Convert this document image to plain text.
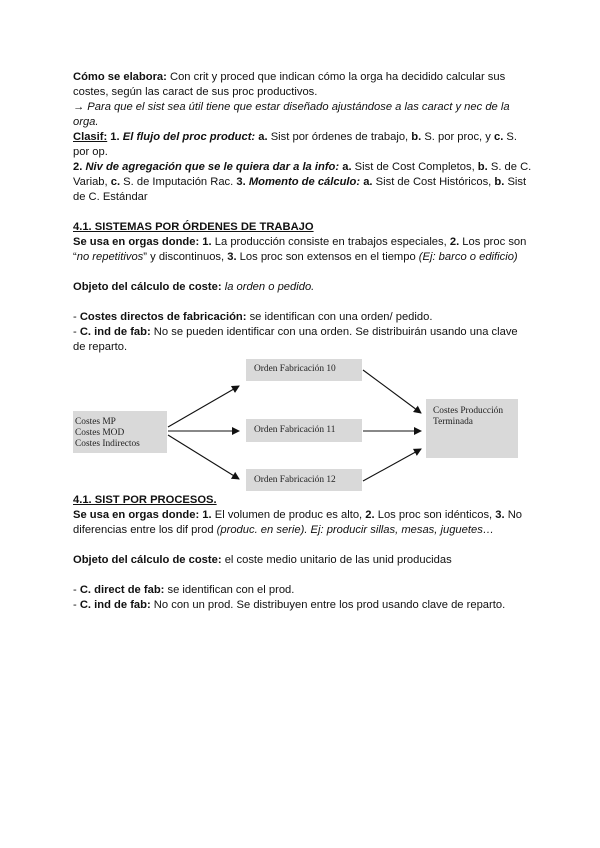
Cómo se elabora: Con crit y proced que indican cómo la orga ha decidido calcular sus costes, según las caract de sus proc productivos.

→ Para que el sist sea útil tiene que estar diseñado ajustándose a las caract y nec de la orga.

Clasif: 1. El flujo del proc product: a. Sist por órdenes de trabajo, b. S. por proc, y c. S. por op.

2. Niv de agregación que se le quiera dar a la info: a. Sist de Cost Completos, b. S. de C. Variab, c. S. de Imputación Rac. 3. Momento de cálculo: a. Sist de Cost Históricos, b. Sist de C. Estándar

4.1. SISTEMAS POR ÓRDENES DE TRABAJO

Se usa en orgas donde: 1. La producción consiste en trabajos especiales, 2. Los proc son “no repetitivos” y discontinuos, 3. Los proc son extensos en el tiempo (Ej: barco o edificio)

Objeto del cálculo de coste: la orden o pedido.

- Costes directos de fabricación: se identifican con una orden/ pedido.

- C. ind de fab: No se pueden identificar con una orden. Se distribuirán usando una clave de reparto.

Costes MP
Costes MOD
Costes Indirectos
Orden Fabricación 10
Orden Fabricación 11
Orden Fabricación 12
Costes Producción
Terminada

4.1. SIST POR PROCESOS.

Se usa en orgas donde: 1. El volumen de produc es alto, 2. Los proc son idénticos, 3. No diferencias entre los dif prod (produc. en serie). Ej: producir sillas, mesas, juguetes…

Objeto del cálculo de coste: el coste medio unitario de las unid producidas

- C. direct de fab: se identifican con el prod.

- C. ind de fab: No con un prod. Se distribuyen entre los prod usando clave de reparto.
